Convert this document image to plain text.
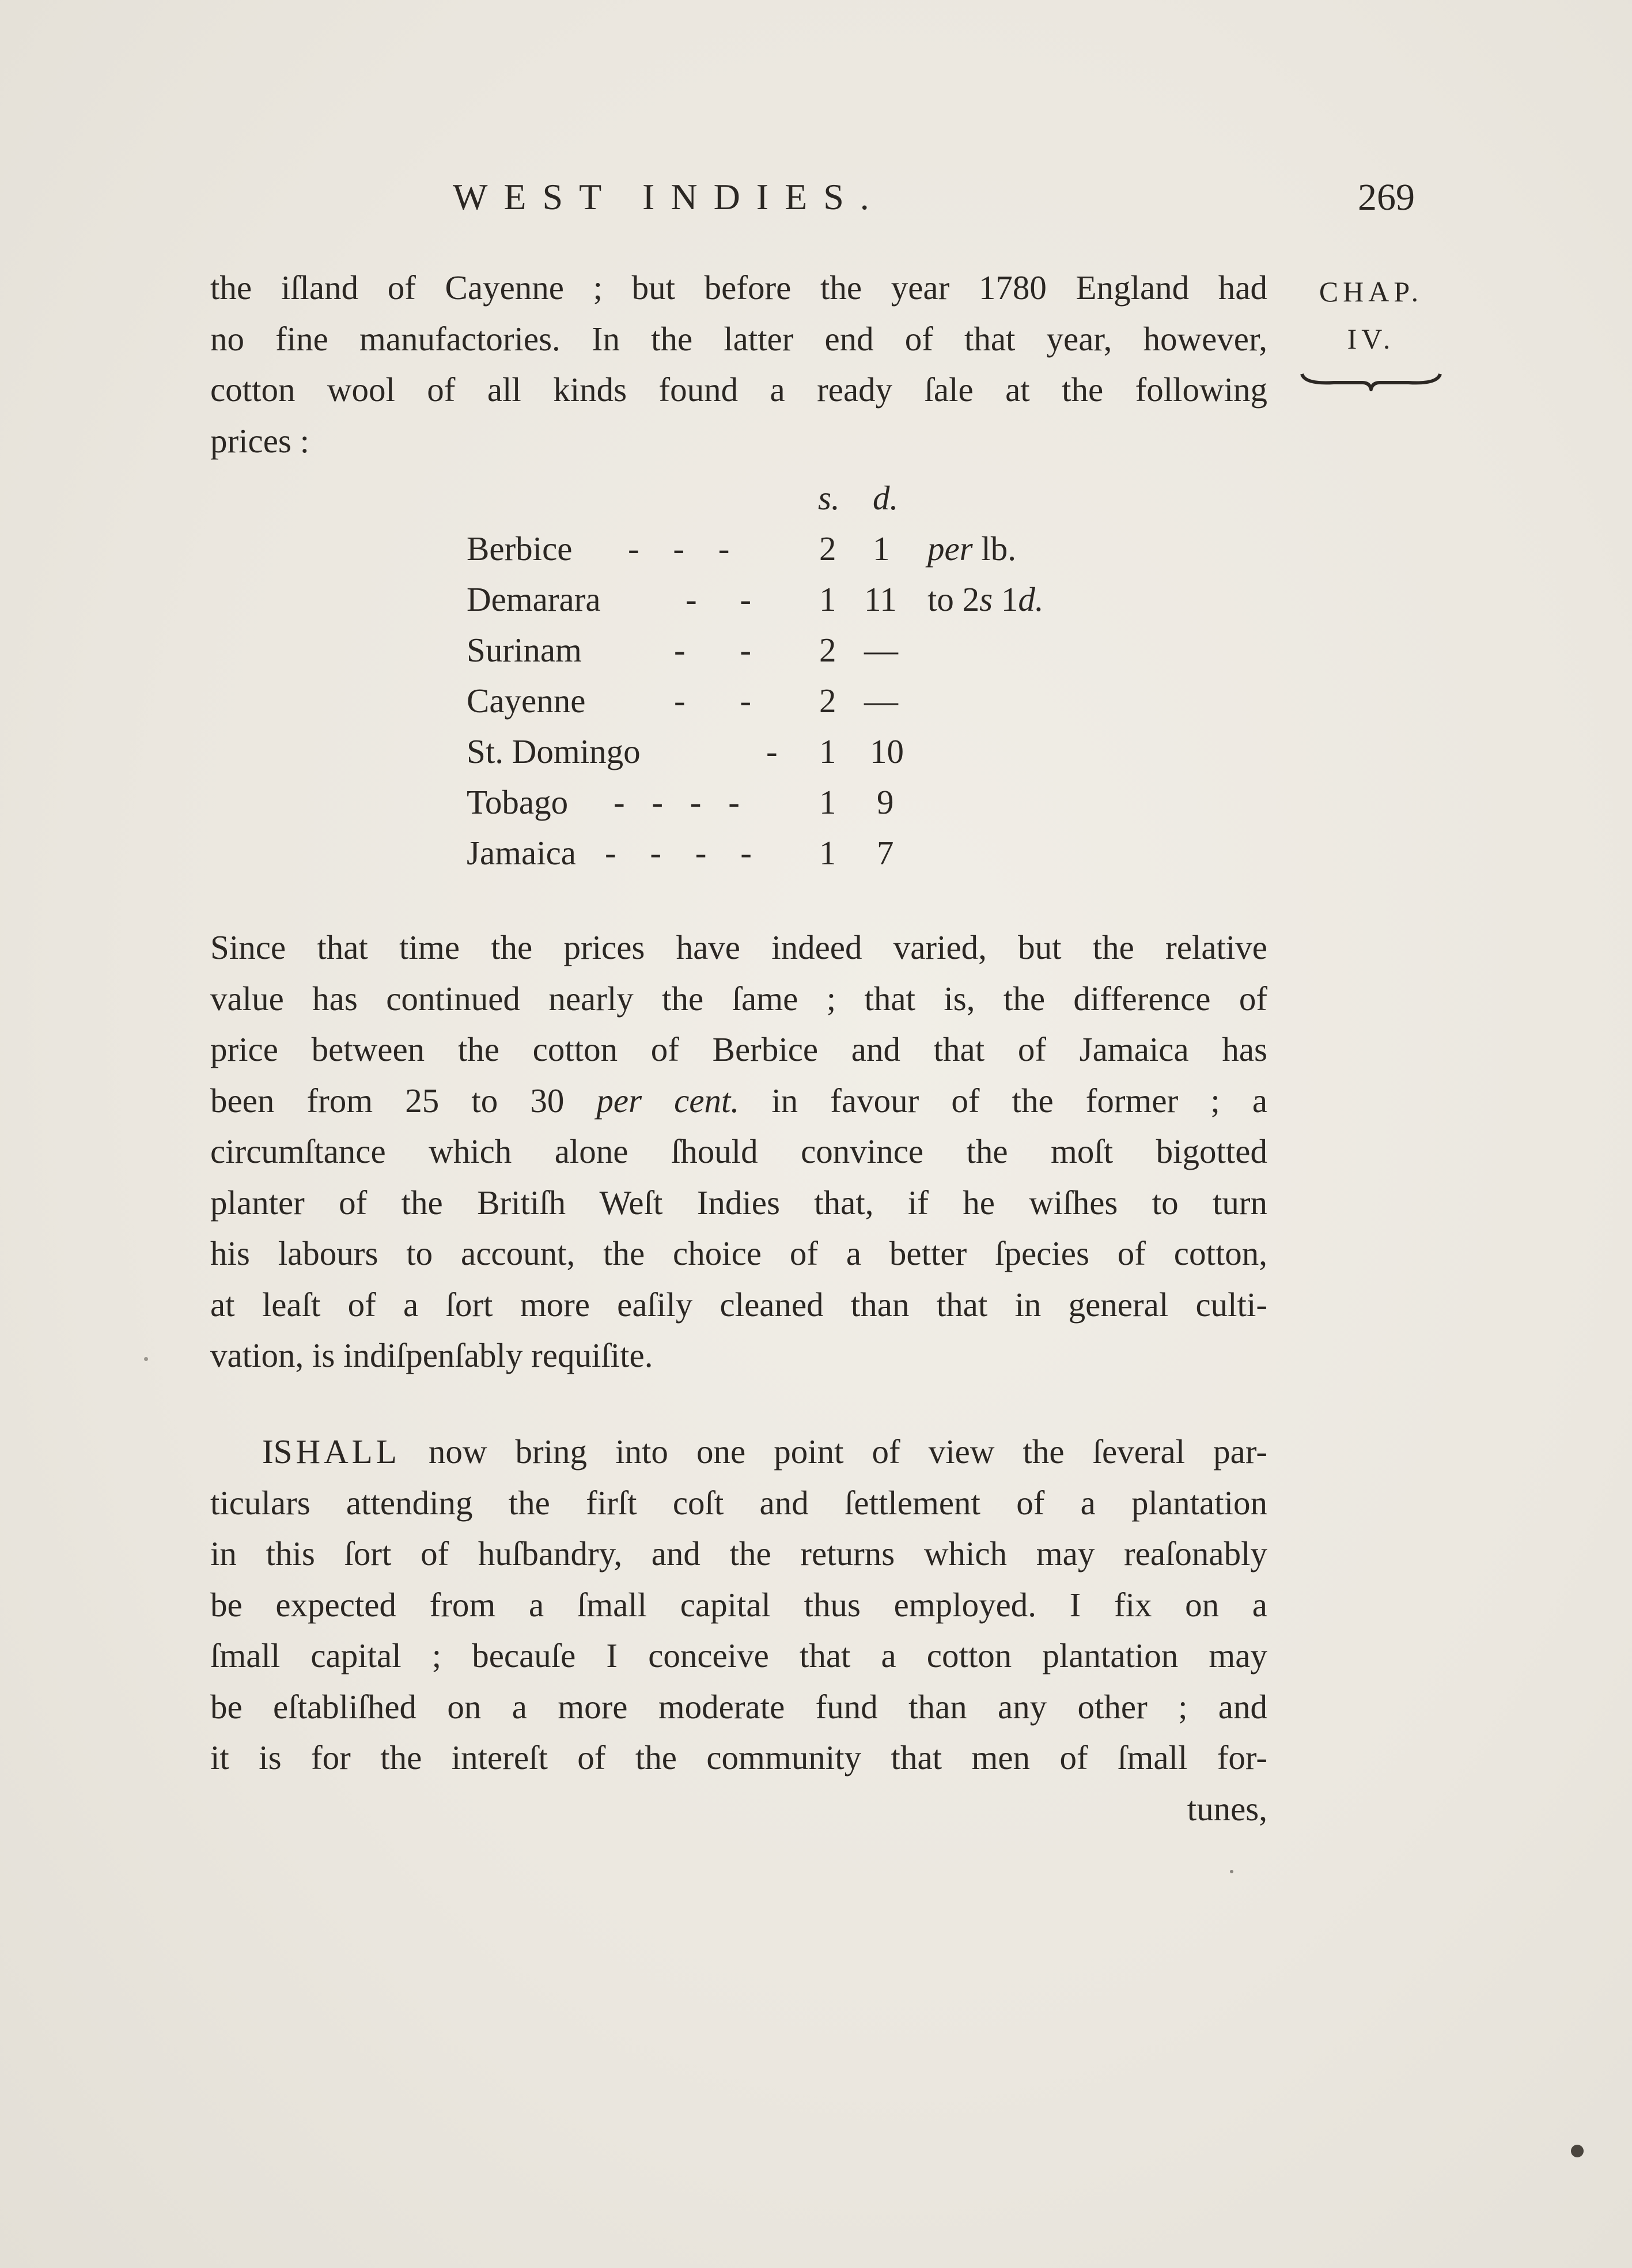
WEST INDIES.	269
CHAP.
IV.
the iſland of Cayenne ; but before the year 1780 England had
no fine manufactories. In the latter end of that year, however,
cotton wool of all kinds found a ready ſale at the following
prices :
s. d.
Berbice - - - 2 1 per lb.
Demarara - - 1 11 to 2s 1d.
Surinam	- - 2 —
Cayenne	- - 2 —
St. Domingo	- 1 10
Tobago - - - - 1 9
Jamaica - - - - 1 7
Since that time the prices have indeed varied, but the relative
value has continued nearly the ſame ; that is, the difference of
price between the cotton of Berbice and that of Jamaica has
been from 25 to 30 per cent. in favour of the former ; a
circumſtance which alone ſhould convince the moſt bigotted
planter of the Britiſh Weſt Indies that, if he wiſhes to turn
his labours to account, the choice of a better ſpecies of cotton,
at leaſt of a ſort more eaſily cleaned than that in general culti-
vation, is indiſpenſably requiſite.
ISHALL now bring into one point of view the ſeveral par-
ticulars attending the firſt coſt and ſettlement of a plantation
in this ſort of huſbandry, and the returns which may reaſonably
be expected from a ſmall capital thus employed. I fix on a
ſmall capital ; becauſe I conceive that a cotton plantation may
be eſtabliſhed on a more moderate fund than any other ; and
it is for the intereſt of the community that men of ſmall for-
tunes,
